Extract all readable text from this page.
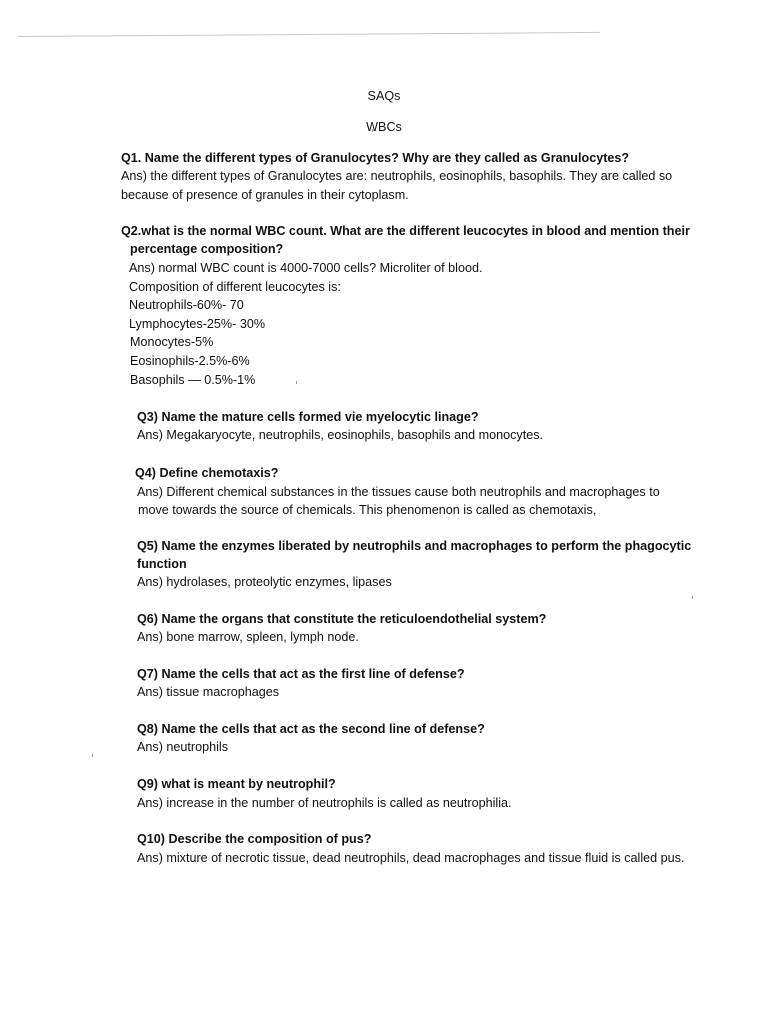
SAQs
WBCs
Q1. Name the different types of Granulocytes? Why are they called as Granulocytes?
Ans) the different types of Granulocytes are: neutrophils, eosinophils, basophils. They are called so
because of presence of granules in their cytoplasm.
Q2.what is the normal WBC count. What are the different leucocytes in blood and mention their
percentage composition?
Ans) normal WBC count is 4000-7000 cells? Microliter of blood.
Composition of different leucocytes is:
Neutrophils-60%- 70
Lymphocytes-25%- 30%
Monocytes-5%
Eosinophils-2.5%-6%
Basophils — 0.5%-1%
Q3) Name the mature cells formed vie myelocytic linage?
Ans) Megakaryocyte, neutrophils, eosinophils, basophils and monocytes.
Q4) Define chemotaxis?
Ans) Different chemical substances in the tissues cause both neutrophils and macrophages to
move towards the source of chemicals. This phenomenon is called as chemotaxis,
Q5) Name the enzymes liberated by neutrophils and macrophages to perform the phagocytic
function
Ans) hydrolases, proteolytic enzymes, lipases
Q6) Name the organs that constitute the reticuloendothelial system?
Ans) bone marrow, spleen, lymph node.
Q7) Name the cells that act as the first line of defense?
Ans) tissue macrophages
Q8) Name the cells that act as the second line of defense?
Ans) neutrophils
Q9) what is meant by neutrophil?
Ans) increase in the number of neutrophils is called as neutrophilia.
Q10) Describe the composition of pus?
Ans) mixture of necrotic tissue, dead neutrophils, dead macrophages and tissue fluid is called pus.
